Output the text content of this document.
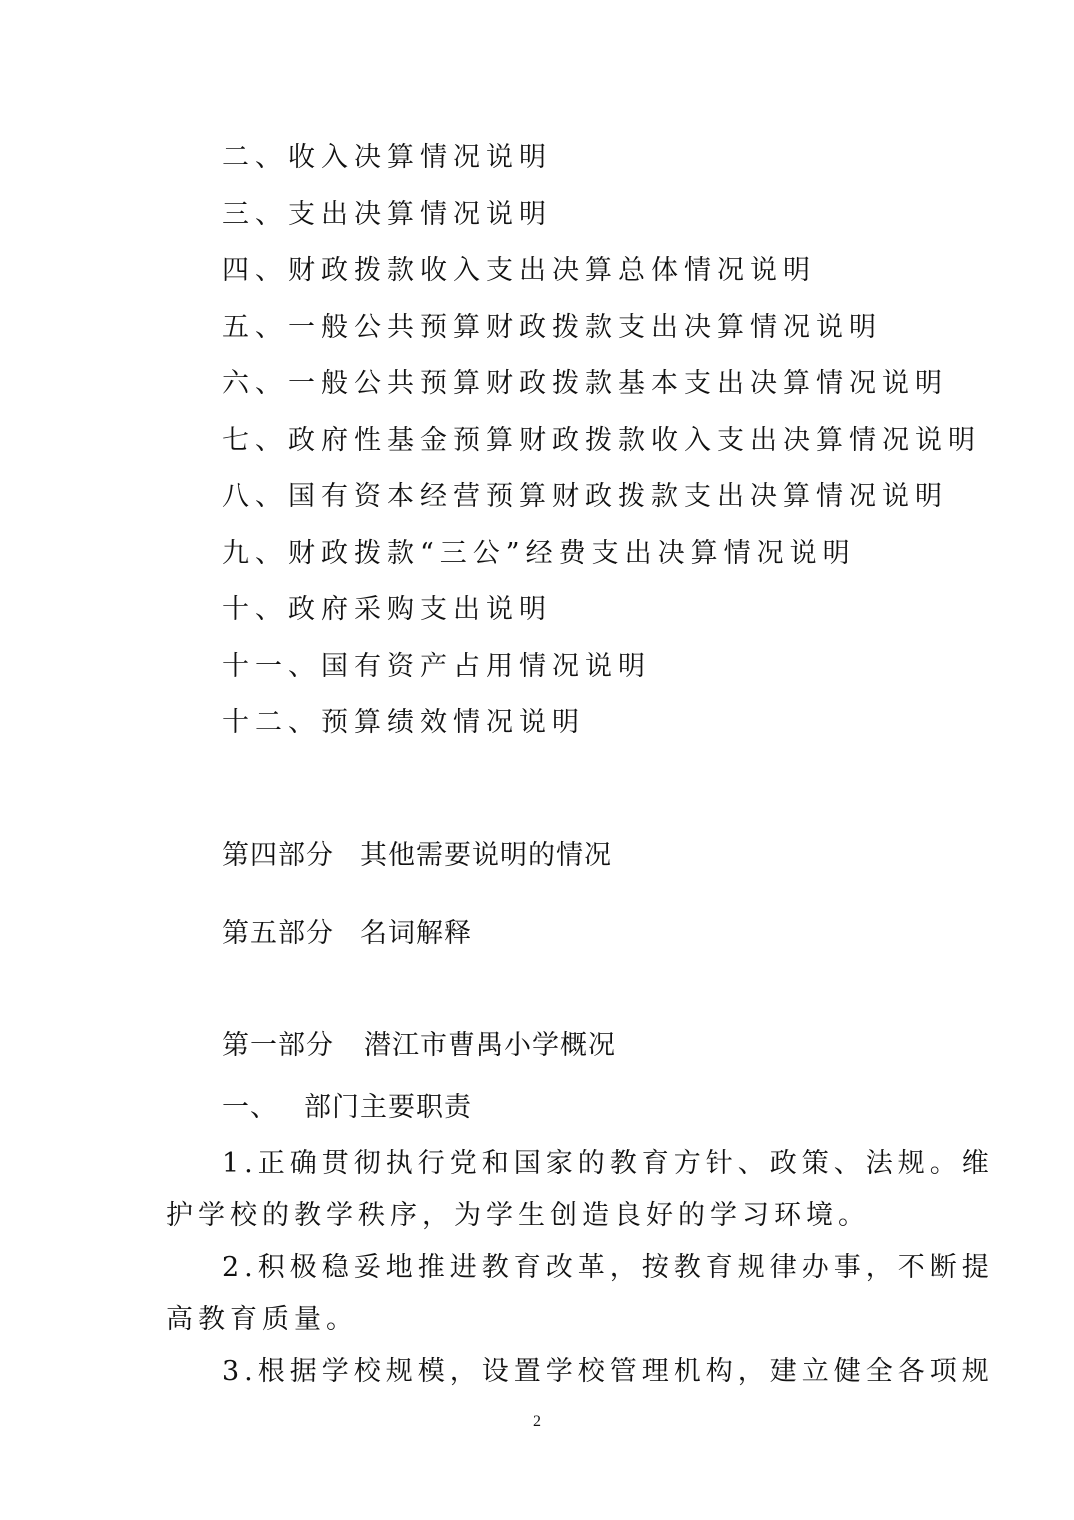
二、收入决算情况说明
三、支出决算情况说明
四、财政拨款收入支出决算总体情况说明
五、一般公共预算财政拨款支出决算情况说明
六、一般公共预算财政拨款基本支出决算情况说明
七、政府性基金预算财政拨款收入支出决算情况说明
八、国有资本经营预算财政拨款支出决算情况说明
九、财政拨款“三公”经费支出决算情况说明
十、政府采购支出说明
十一、国有资产占用情况说明
十二、预算绩效情况说明
第四部分 其他需要说明的情况
第五部分 名词解释
第一部分 潜江市曹禺小学概况
一、 部门主要职责
1.正确贯彻执行党和国家的教育方针、政策、法规。维
护学校的教学秩序，为学生创造良好的学习环境。
2.积极稳妥地推进教育改革，按教育规律办事，不断提
高教育质量。
3.根据学校规模，设置学校管理机构，建立健全各项规
2
